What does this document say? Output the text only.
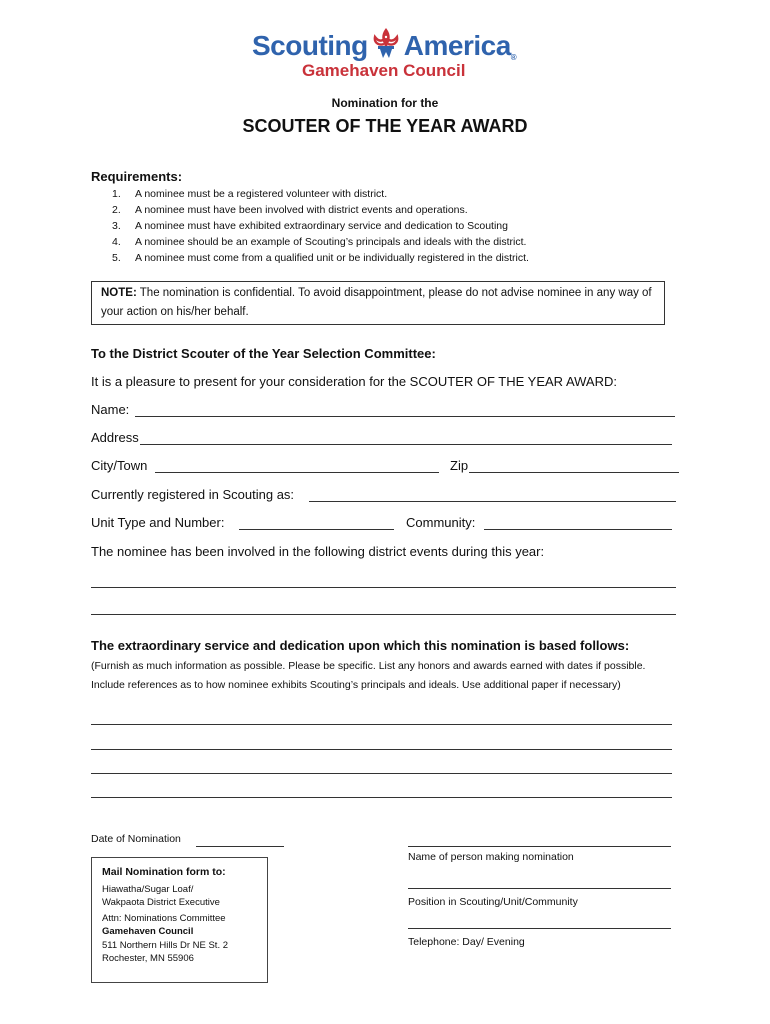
Scouting America®
Gamehaven Council
Nomination for the
SCOUTER OF THE YEAR AWARD
Requirements:
1.	A nominee must be a registered volunteer with district.
2.	A nominee must have been involved with district events and operations.
3.	A nominee must have exhibited extraordinary service and dedication to Scouting
4.	A nominee should be an example of Scouting’s principals and ideals with the district.
5.	A nominee must come from a qualified unit or be individually registered in the district.
NOTE: The nomination is confidential. To avoid disappointment, please do not advise nominee in any way of your action on his/her behalf.
To the District Scouter of the Year Selection Committee:
It is a pleasure to present for your consideration for the SCOUTER OF THE YEAR AWARD:
Name:
Address
City/Town	Zip
Currently registered in Scouting as:
Unit Type and Number:	Community:
The nominee has been involved in the following district events during this year:
The extraordinary service and dedication upon which this nomination is based follows:
(Furnish as much information as possible. Please be specific. List any honors and awards earned with dates if possible. Include references as to how nominee exhibits Scouting’s principals and ideals. Use additional paper if necessary)
Date of Nomination
Mail Nomination form to:
Hiawatha/Sugar Loaf/
Wakpaota District Executive
Attn: Nominations Committee
Gamehaven Council
511 Northern Hills Dr NE St. 2
Rochester, MN 55906
Name of person making nomination
Position in Scouting/Unit/Community
Telephone: Day/ Evening
